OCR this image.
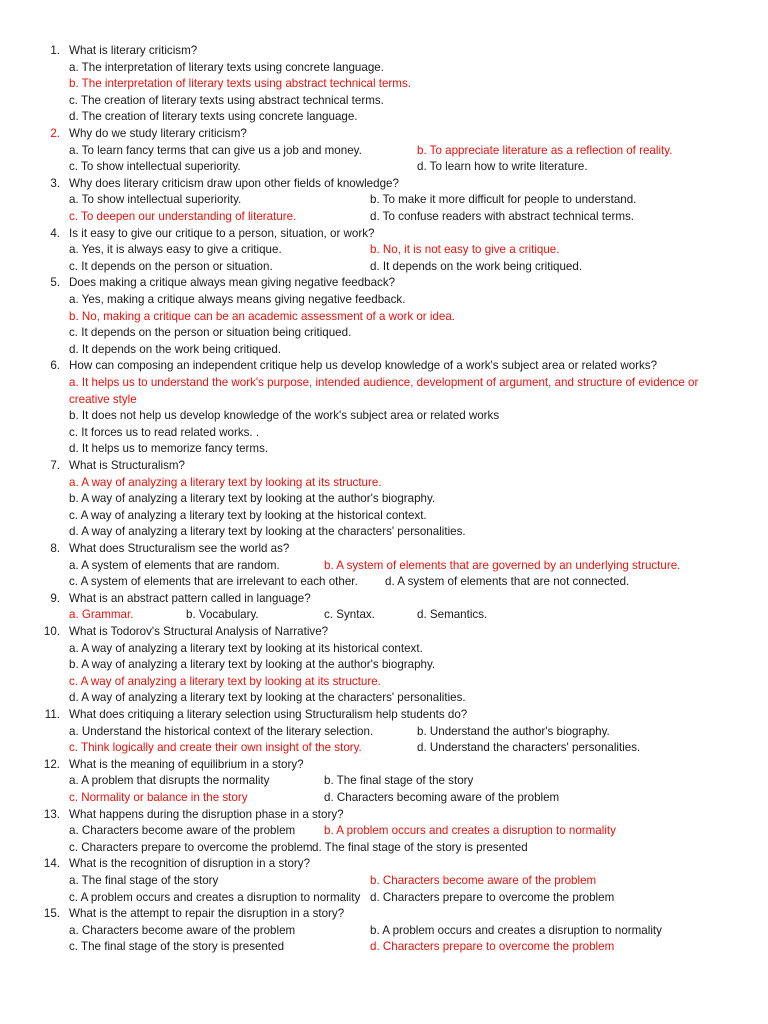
1. What is literary criticism?
a. The interpretation of literary texts using concrete language.
b. The interpretation of literary texts using abstract technical terms.
c. The creation of literary texts using abstract technical terms.
d. The creation of literary texts using concrete language.
2. Why do we study literary criticism?
a. To learn fancy terms that can give us a job and money.	b. To appreciate literature as a reflection of reality.
c. To show intellectual superiority.	d. To learn how to write literature.
3. Why does literary criticism draw upon other fields of knowledge?
a. To show intellectual superiority.	b. To make it more difficult for people to understand.
c. To deepen our understanding of literature.	d. To confuse readers with abstract technical terms.
4. Is it easy to give our critique to a person, situation, or work?
a. Yes, it is always easy to give a critique.	b. No, it is not easy to give a critique.
c. It depends on the person or situation.	d. It depends on the work being critiqued.
5. Does making a critique always mean giving negative feedback?
a. Yes, making a critique always means giving negative feedback.
b. No, making a critique can be an academic assessment of a work or idea.
c. It depends on the person or situation being critiqued.
d. It depends on the work being critiqued.
6. How can composing an independent critique help us develop knowledge of a work's subject area or related works?
a. It helps us to understand the work's purpose, intended audience, development of argument, and structure of evidence or
creative style
b. It does not help us develop knowledge of the work's subject area or related works
c. It forces us to read related works. .
d. It helps us to memorize fancy terms.
7. What is Structuralism?
a. A way of analyzing a literary text by looking at its structure.
b. A way of analyzing a literary text by looking at the author's biography.
c. A way of analyzing a literary text by looking at the historical context.
d. A way of analyzing a literary text by looking at the characters' personalities.
8. What does Structuralism see the world as?
a. A system of elements that are random.	b. A system of elements that are governed by an underlying structure.
c. A system of elements that are irrelevant to each other. d. A system of elements that are not connected.
9. What is an abstract pattern called in language?
a. Grammar.	b. Vocabulary.	c. Syntax.	d. Semantics.
10. What is Todorov's Structural Analysis of Narrative?
a. A way of analyzing a literary text by looking at its historical context.
b. A way of analyzing a literary text by looking at the author's biography.
c. A way of analyzing a literary text by looking at its structure.
d. A way of analyzing a literary text by looking at the characters' personalities.
11. What does critiquing a literary selection using Structuralism help students do?
a. Understand the historical context of the literary selection.	b. Understand the author's biography.
c. Think logically and create their own insight of the story.	d. Understand the characters' personalities.
12. What is the meaning of equilibrium in a story?
a. A problem that disrupts the normality	b. The final stage of the story
c. Normality or balance in the story	d. Characters becoming aware of the problem
13. What happens during the disruption phase in a story?
a. Characters become aware of the problem b. A problem occurs and creates a disruption to normality
c. Characters prepare to overcome the problem d. The final stage of the story is presented
14. What is the recognition of disruption in a story?
a. The final stage of the story	b. Characters become aware of the problem
c. A problem occurs and creates a disruption to normality d. Characters prepare to overcome the problem
15. What is the attempt to repair the disruption in a story?
a. Characters become aware of the problem	b. A problem occurs and creates a disruption to normality
c. The final stage of the story is presented	d. Characters prepare to overcome the problem
